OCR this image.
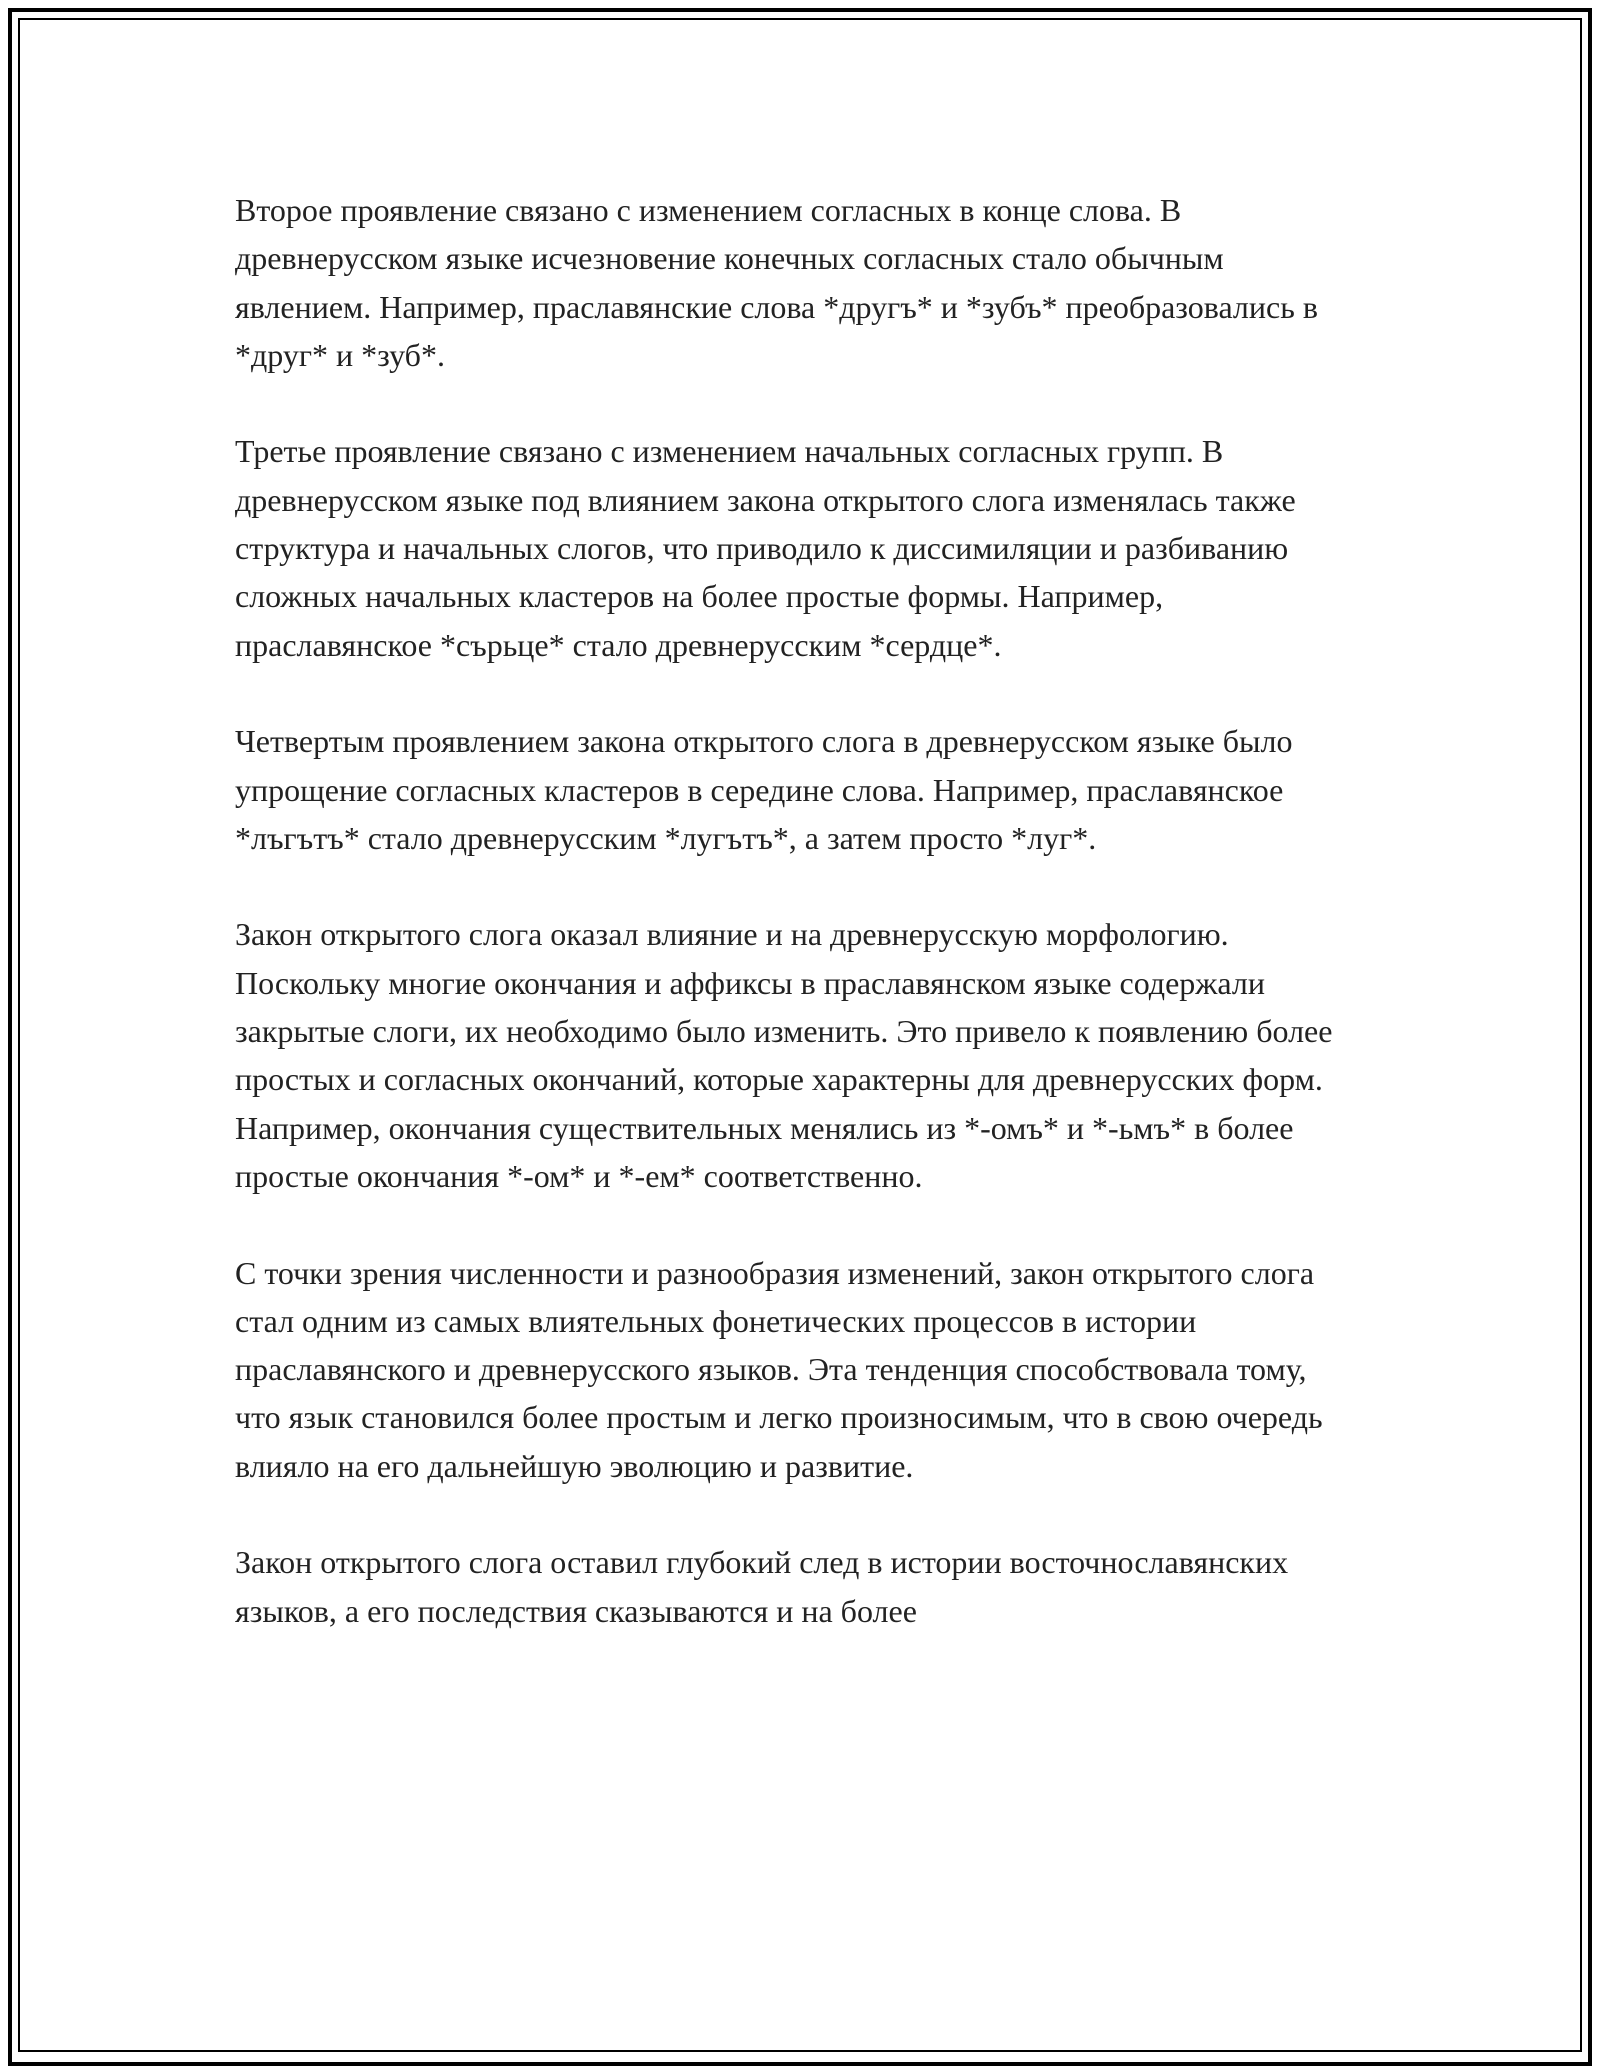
Второе проявление связано с изменением согласных в конце слова. В древнерусском языке исчезновение конечных согласных стало обычным явлением. Например, праславянские слова *другъ* и *зубъ* преобразовались в *друг* и *зуб*.

Третье проявление связано с изменением начальных согласных групп. В древнерусском языке под влиянием закона открытого слога изменялась также структура и начальных слогов, что приводило к диссимиляции и разбиванию сложных начальных кластеров на более простые формы. Например, праславянское *сърьце* стало древнерусским *сердце*.

Четвертым проявлением закона открытого слога в древнерусском языке было упрощение согласных кластеров в середине слова. Например, праславянское *лъгътъ* стало древнерусским *лугътъ*, а затем просто *луг*.

Закон открытого слога оказал влияние и на древнерусскую морфологию. Поскольку многие окончания и аффиксы в праславянском языке содержали закрытые слоги, их необходимо было изменить. Это привело к появлению более простых и согласных окончаний, которые характерны для древнерусских форм. Например, окончания существительных менялись из *-омъ* и *-ьмъ* в более простые окончания *-ом* и *-ем* соответственно.

С точки зрения численности и разнообразия изменений, закон открытого слога стал одним из самых влиятельных фонетических процессов в истории праславянского и древнерусского языков. Эта тенденция способствовала тому, что язык становился более простым и легко произносимым, что в свою очередь влияло на его дальнейшую эволюцию и развитие.

Закон открытого слога оставил глубокий след в истории восточнославянских языков, а его последствия сказываются и на более
